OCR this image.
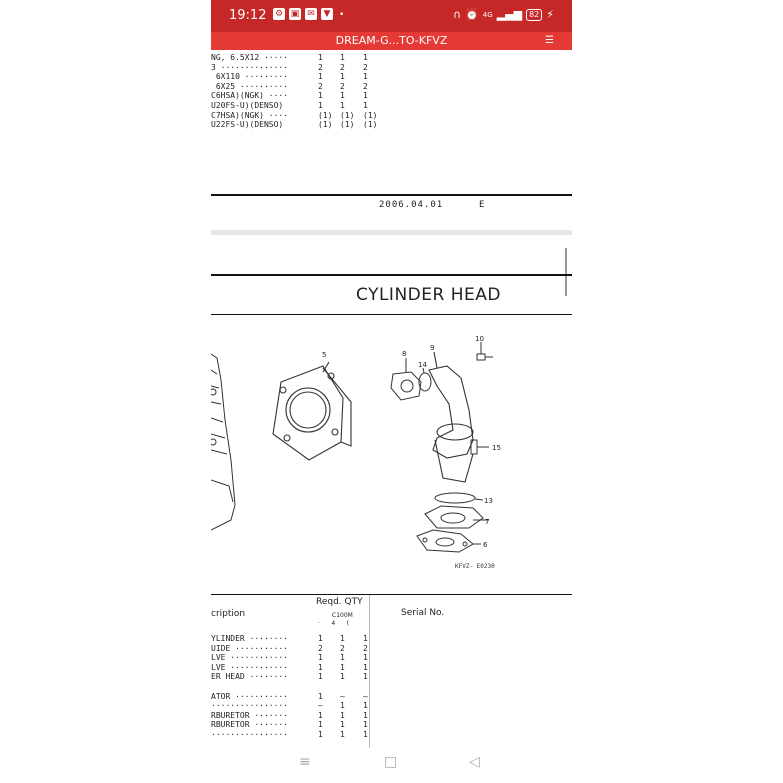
19:12 ⚙ ▣ ✉ ▼ •	∩ ⏰ 4G ▂▄▆ 82 ⚡
DREAM-G...TO-KFVZ	☰
NG, 6.5X12 ·····	1 1 1
3 ··············	2 2 2
6X110 ·········	1 1 1
6X25 ··········	2 2 2
C6HSA)(NGK) ····	1 1 1
U20FS-U)(DENSO)	1 1 1
C7HSA)(NGK) ····	(1) (1) (1)
U22FS-U)(DENSO)	(1) (1) (1)
2006.04.01	E
CYLINDER HEAD
5	8
14
9
10
15
13
7
6
KFVZ- E0230
cription
Reqd. QTY
C100M
· 4 (
Serial No.
YLINDER ········	1 1 1
UIDE ···········	2 2 2
LVE ············	1 1 1
LVE ············	1 1 1
ER HEAD ········	1 1 1
ATOR ···········	1 – –
················	– 1 1
RBURETOR ·······	1 1 1
RBURETOR ·······	1 1 1
················	1 1 1
≡	□	◁
